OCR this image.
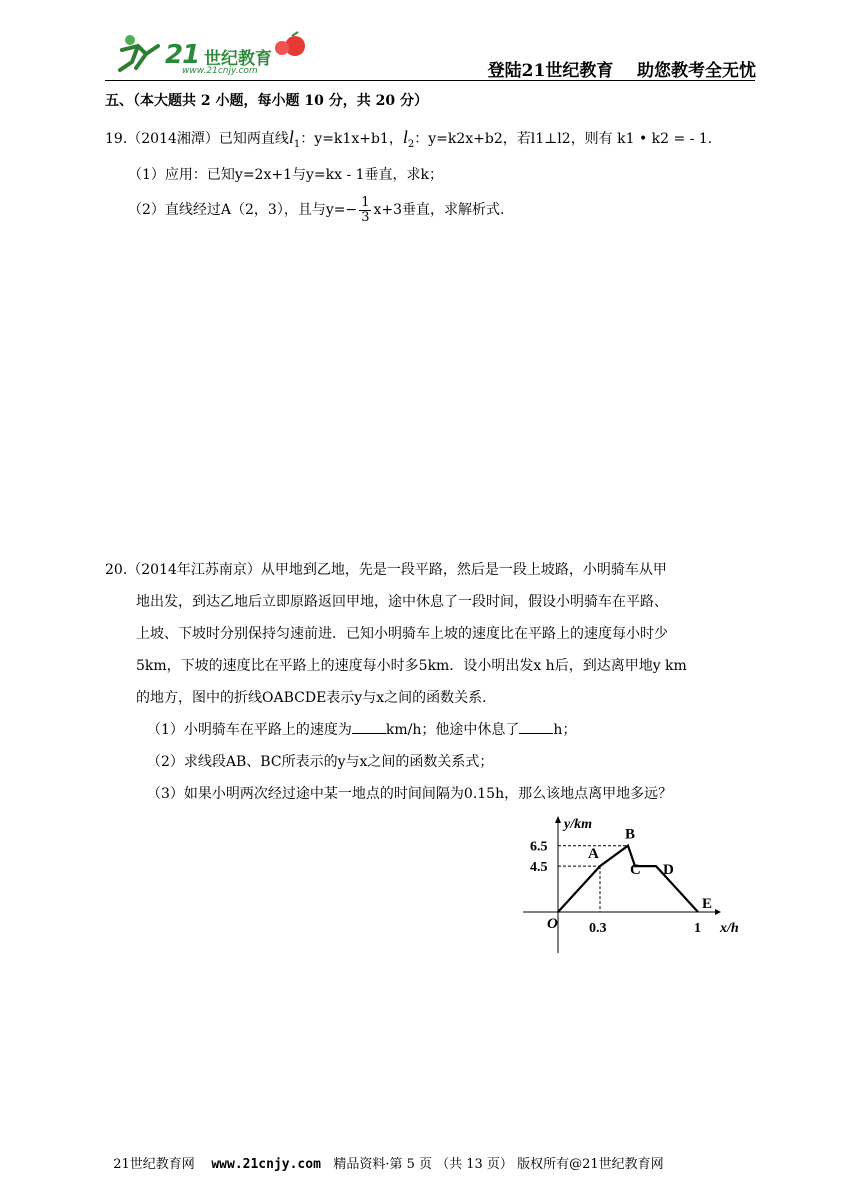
21 世纪教育
www.21cnjy.com	登陆21世纪教育    助您教考全无忧
五、（本大题共 2 小题，每小题 10 分，共 20 分）
19.（2014湘潭）已知两直线$l_1$：y=k1x+b1，$l_2$：y=k2x+b2，若l1⊥l2，则有 k1 • k2 = - 1.
（1）应用：已知y=2x+1与y=kx - 1垂直，求k；
（2）直线经过A（2，3），且与$y=- \frac{1}{3} x+3$垂直，求解析式.
20.（2014年江苏南京）从甲地到乙地，先是一段平路，然后是一段上坡路，小明骑车从甲
地出发，到达乙地后立即原路返回甲地，途中休息了一段时间，假设小明骑车在平路、
上坡、下坡时分别保持匀速前进．已知小明骑车上坡的速度比在平路上的速度每小时少
5km，下坡的速度比在平路上的速度每小时多5km．设小明出发x h后，到达离甲地y km
的地方，图中的折线OABCDE表示y与x之间的函数关系．
（1）小明骑车在平路上的速度为 km/h；他途中休息了 h；
（2）求线段AB、BC所表示的y与x之间的函数关系式；
（3）如果小明两次经过途中某一地点的时间间隔为0.15h，那么该地点离甲地多远？
A
B
C D
E
O
4.5
6.5
0.3	1
y/km
x/h

21世纪教育网 www.21cnjy.com 精品资料·第 5 页 （共 13 页） 版权所有@21世纪教育网
